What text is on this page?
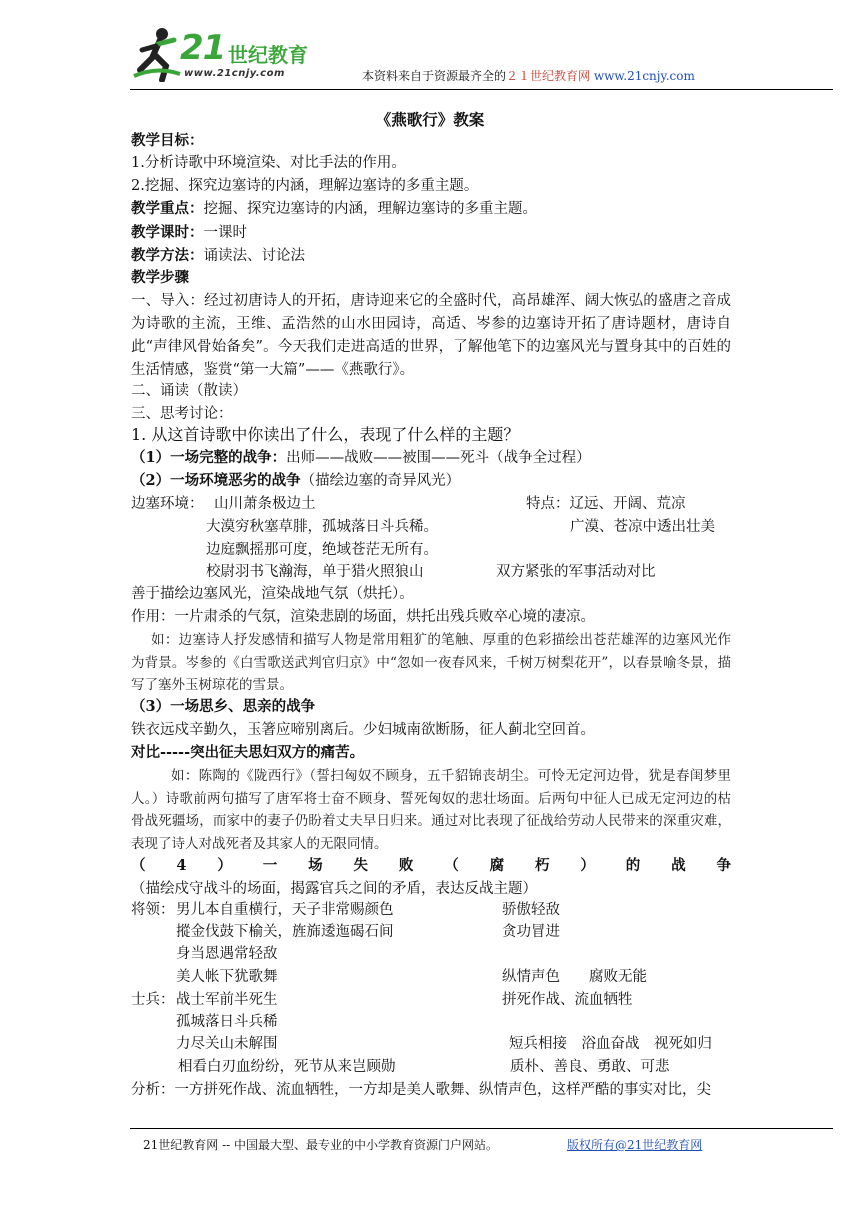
21 世纪教育
www.21cnjy.com	本资料来自于资源最齐全的２１世纪教育网 www.21cnjy.com
《燕歌行》教案
教学目标：
1.分析诗歌中环境渲染、对比手法的作用。
2.挖掘、探究边塞诗的内涵，理解边塞诗的多重主题。
教学重点：挖掘、探究边塞诗的内涵，理解边塞诗的多重主题。
教学课时：一课时
教学方法：诵读法、讨论法
教学步骤
一、导入：经过初唐诗人的开拓，唐诗迎来它的全盛时代，高昂雄浑、阔大恢弘的盛唐之音成为诗歌的主流，王维、孟浩然的山水田园诗，高适、岑参的边塞诗开拓了唐诗题材，唐诗自此“声律风骨始备矣”。今天我们走进高适的世界，了解他笔下的边塞风光与置身其中的百姓的生活情感，鉴赏“第一大篇”——《燕歌行》。
二、诵读（散读）
三、思考讨论：
1. 从这首诗歌中你读出了什么，表现了什么样的主题？
（1）一场完整的战争：出师——战败——被围——死斗（战争全过程）
（2）一场环境恶劣的战争（描绘边塞的奇异风光）
边塞环境： 山川萧条极边土	特点：辽远、开阔、荒凉
大漠穷秋塞草腓，孤城落日斗兵稀。	广漠、苍凉中透出壮美
边庭飘摇那可度，绝域苍茫无所有。
校尉羽书飞瀚海，单于猎火照狼山	双方紧张的军事活动对比
善于描绘边塞风光，渲染战地气氛（烘托）。
作用：一片肃杀的气氛，渲染悲剧的场面，烘托出残兵败卒心境的凄凉。
如：边塞诗人抒发感情和描写人物是常用粗犷的笔触、厚重的色彩描绘出苍茫雄浑的边塞风光作为背景。岑参的《白雪歌送武判官归京》中“忽如一夜春风来，千树万树梨花开”，以春景喻冬景，描写了塞外玉树琼花的雪景。
（3）一场思乡、思亲的战争
铁衣远戍辛勤久，玉箸应啼别离后。少妇城南欲断肠，征人蓟北空回首。
对比-----突出征夫思妇双方的痛苦。
如：陈陶的《陇西行》（誓扫匈奴不顾身，五千貂锦丧胡尘。可怜无定河边骨，犹是春闺梦里人。）诗歌前两句描写了唐军将士奋不顾身、誓死匈奴的悲壮场面。后两句中征人已成无定河边的枯骨战死疆场，而家中的妻子仍盼着丈夫早日归来。通过对比表现了征战给劳动人民带来的深重灾难，表现了诗人对战死者及其家人的无限同情。
（4）一场失败（腐朽）的战争（描绘戍守战斗的场面，揭露官兵之间的矛盾，表达反战主题）
将领： 男儿本自重横行，天子非常赐颜色	骄傲轻敌
摐金伐鼓下榆关，旌旆逶迤碣石间	贪功冒进
身当恩遇常轻敌
美人帐下犹歌舞	纵情声色　　腐败无能
士兵： 战士军前半死生	拼死作战、流血牺牲
孤城落日斗兵稀
力尽关山未解围	短兵相接　浴血奋战　视死如归
相看白刃血纷纷，死节从来岂顾勋	质朴、善良、勇敢、可悲
分析：一方拼死作战、流血牺牲，一方却是美人歌舞、纵情声色，这样严酷的事实对比，尖
21世纪教育网 -- 中国最大型、最专业的中小学教育资源门户网站。	版权所有@21世纪教育网
